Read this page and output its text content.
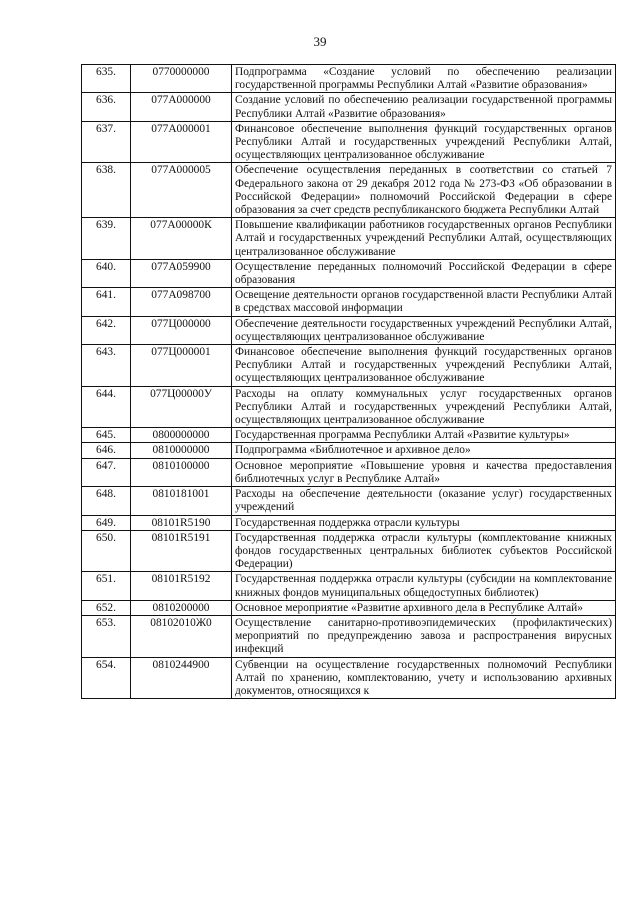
39
635.	0770000000	Подпрограмма «Создание условий по обеспечению реализации государственной программы Республики Алтай «Развитие образования»
636.	077А000000	Создание условий по обеспечению реализации государственной программы Республики Алтай «Развитие образования»
637.	077А000001	Финансовое обеспечение выполнения функций государственных органов Республики Алтай и государственных учреждений Республики Алтай, осуществляющих централизованное обслуживание
638.	077А000005	Обеспечение осуществления переданных в соответствии со статьей 7 Федерального закона от 29 декабря 2012 года № 273-ФЗ «Об образовании в Российской Федерации» полномочий Российской Федерации в сфере образования за счет средств республиканского бюджета Республики Алтай
639.	077А00000К	Повышение квалификации работников государственных органов Республики Алтай и государственных учреждений Республики Алтай, осуществляющих централизованное обслуживание
640.	077А059900	Осуществление переданных полномочий Российской Федерации в сфере образования
641.	077А098700	Освещение деятельности органов государственной власти Республики Алтай в средствах массовой информации
642.	077Ц000000	Обеспечение деятельности государственных учреждений Республики Алтай, осуществляющих централизованное обслуживание
643.	077Ц000001	Финансовое обеспечение выполнения функций государственных органов Республики Алтай и государственных учреждений Республики Алтай, осуществляющих централизованное обслуживание
644.	077Ц00000У	Расходы на оплату коммунальных услуг государственных органов Республики Алтай и государственных учреждений Республики Алтай, осуществляющих централизованное обслуживание
645.	0800000000	Государственная программа Республики Алтай «Развитие культуры»
646.	0810000000	Подпрограмма «Библиотечное и архивное дело»
647.	0810100000	Основное мероприятие «Повышение уровня и качества предоставления библиотечных услуг в Республике Алтай»
648.	0810181001	Расходы на обеспечение деятельности (оказание услуг) государственных учреждений
649.	08101R5190	Государственная поддержка отрасли культуры
650.	08101R5191	Государственная поддержка отрасли культуры (комплектование книжных фондов государственных центральных библиотек субъектов Российской Федерации)
651.	08101R5192	Государственная поддержка отрасли культуры (субсидии на комплектование книжных фондов муниципальных общедоступных библиотек)
652.	0810200000	Основное мероприятие «Развитие архивного дела в Республике Алтай»
653.	08102010Ж0	Осуществление санитарно-противоэпидемических (профилактических) мероприятий по предупреждению завоза и распространения вирусных инфекций
654.	0810244900	Субвенции на осуществление государственных полномочий Республики Алтай по хранению, комплектованию, учету и использованию архивных документов, относящихся к
